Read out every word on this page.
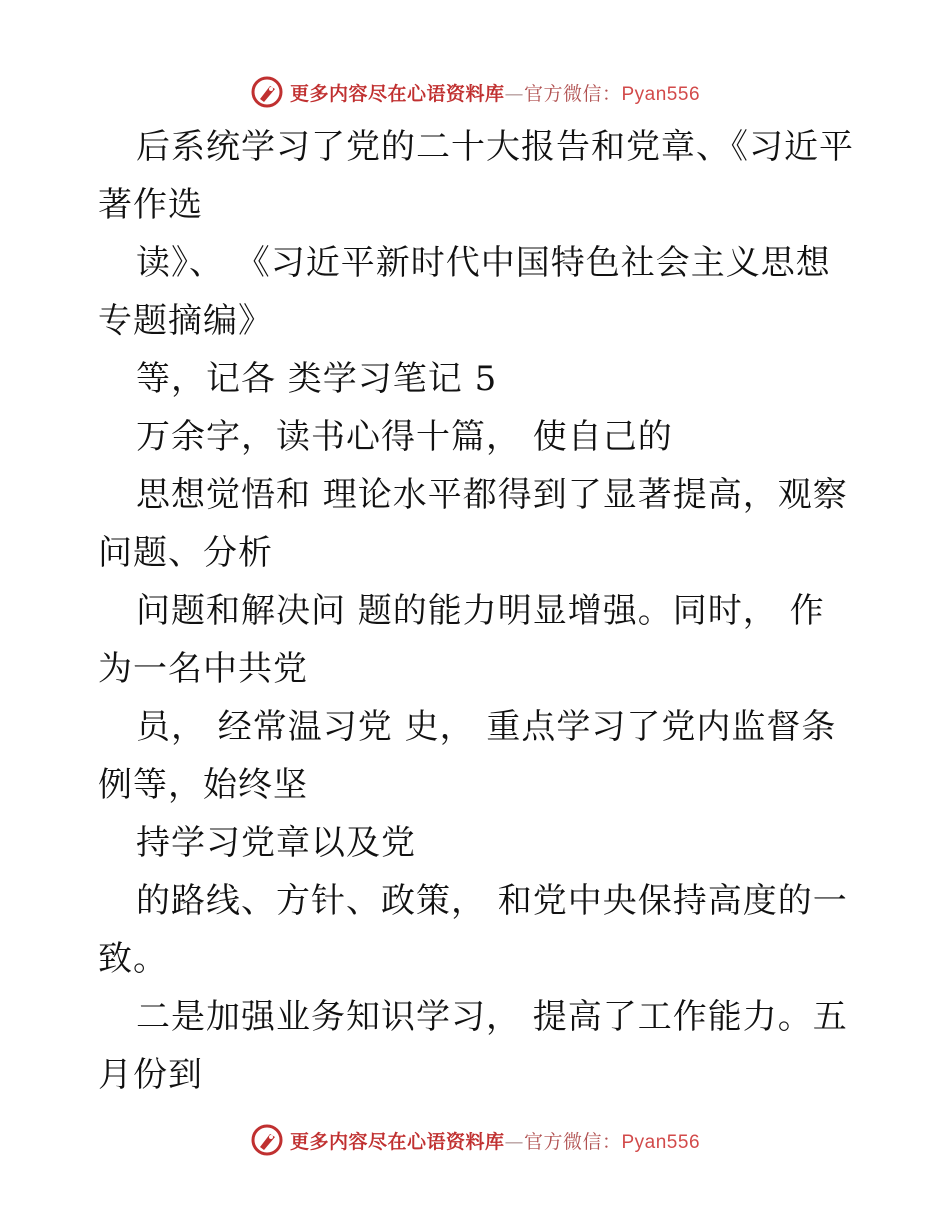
更多内容尽在心语资料库—官方微信：Pyan556

后系统学习了党的二十大报告和党章、《习近平著作选

读》、 《习近平新时代中国特色社会主义思想专题摘编》

等，记各 类学习笔记 5

万余字，读书心得十篇， 使自己的

思想觉悟和 理论水平都得到了显著提高，观察问题、分析

问题和解决问 题的能力明显增强。同时， 作为一名中共党

员， 经常温习党 史， 重点学习了党内监督条例等，始终坚

持学习党章以及党

的路线、方针、政策， 和党中央保持高度的一致。

二是加强业务知识学习， 提高了工作能力。五月份到

更多内容尽在心语资料库—官方微信：Pyan556
